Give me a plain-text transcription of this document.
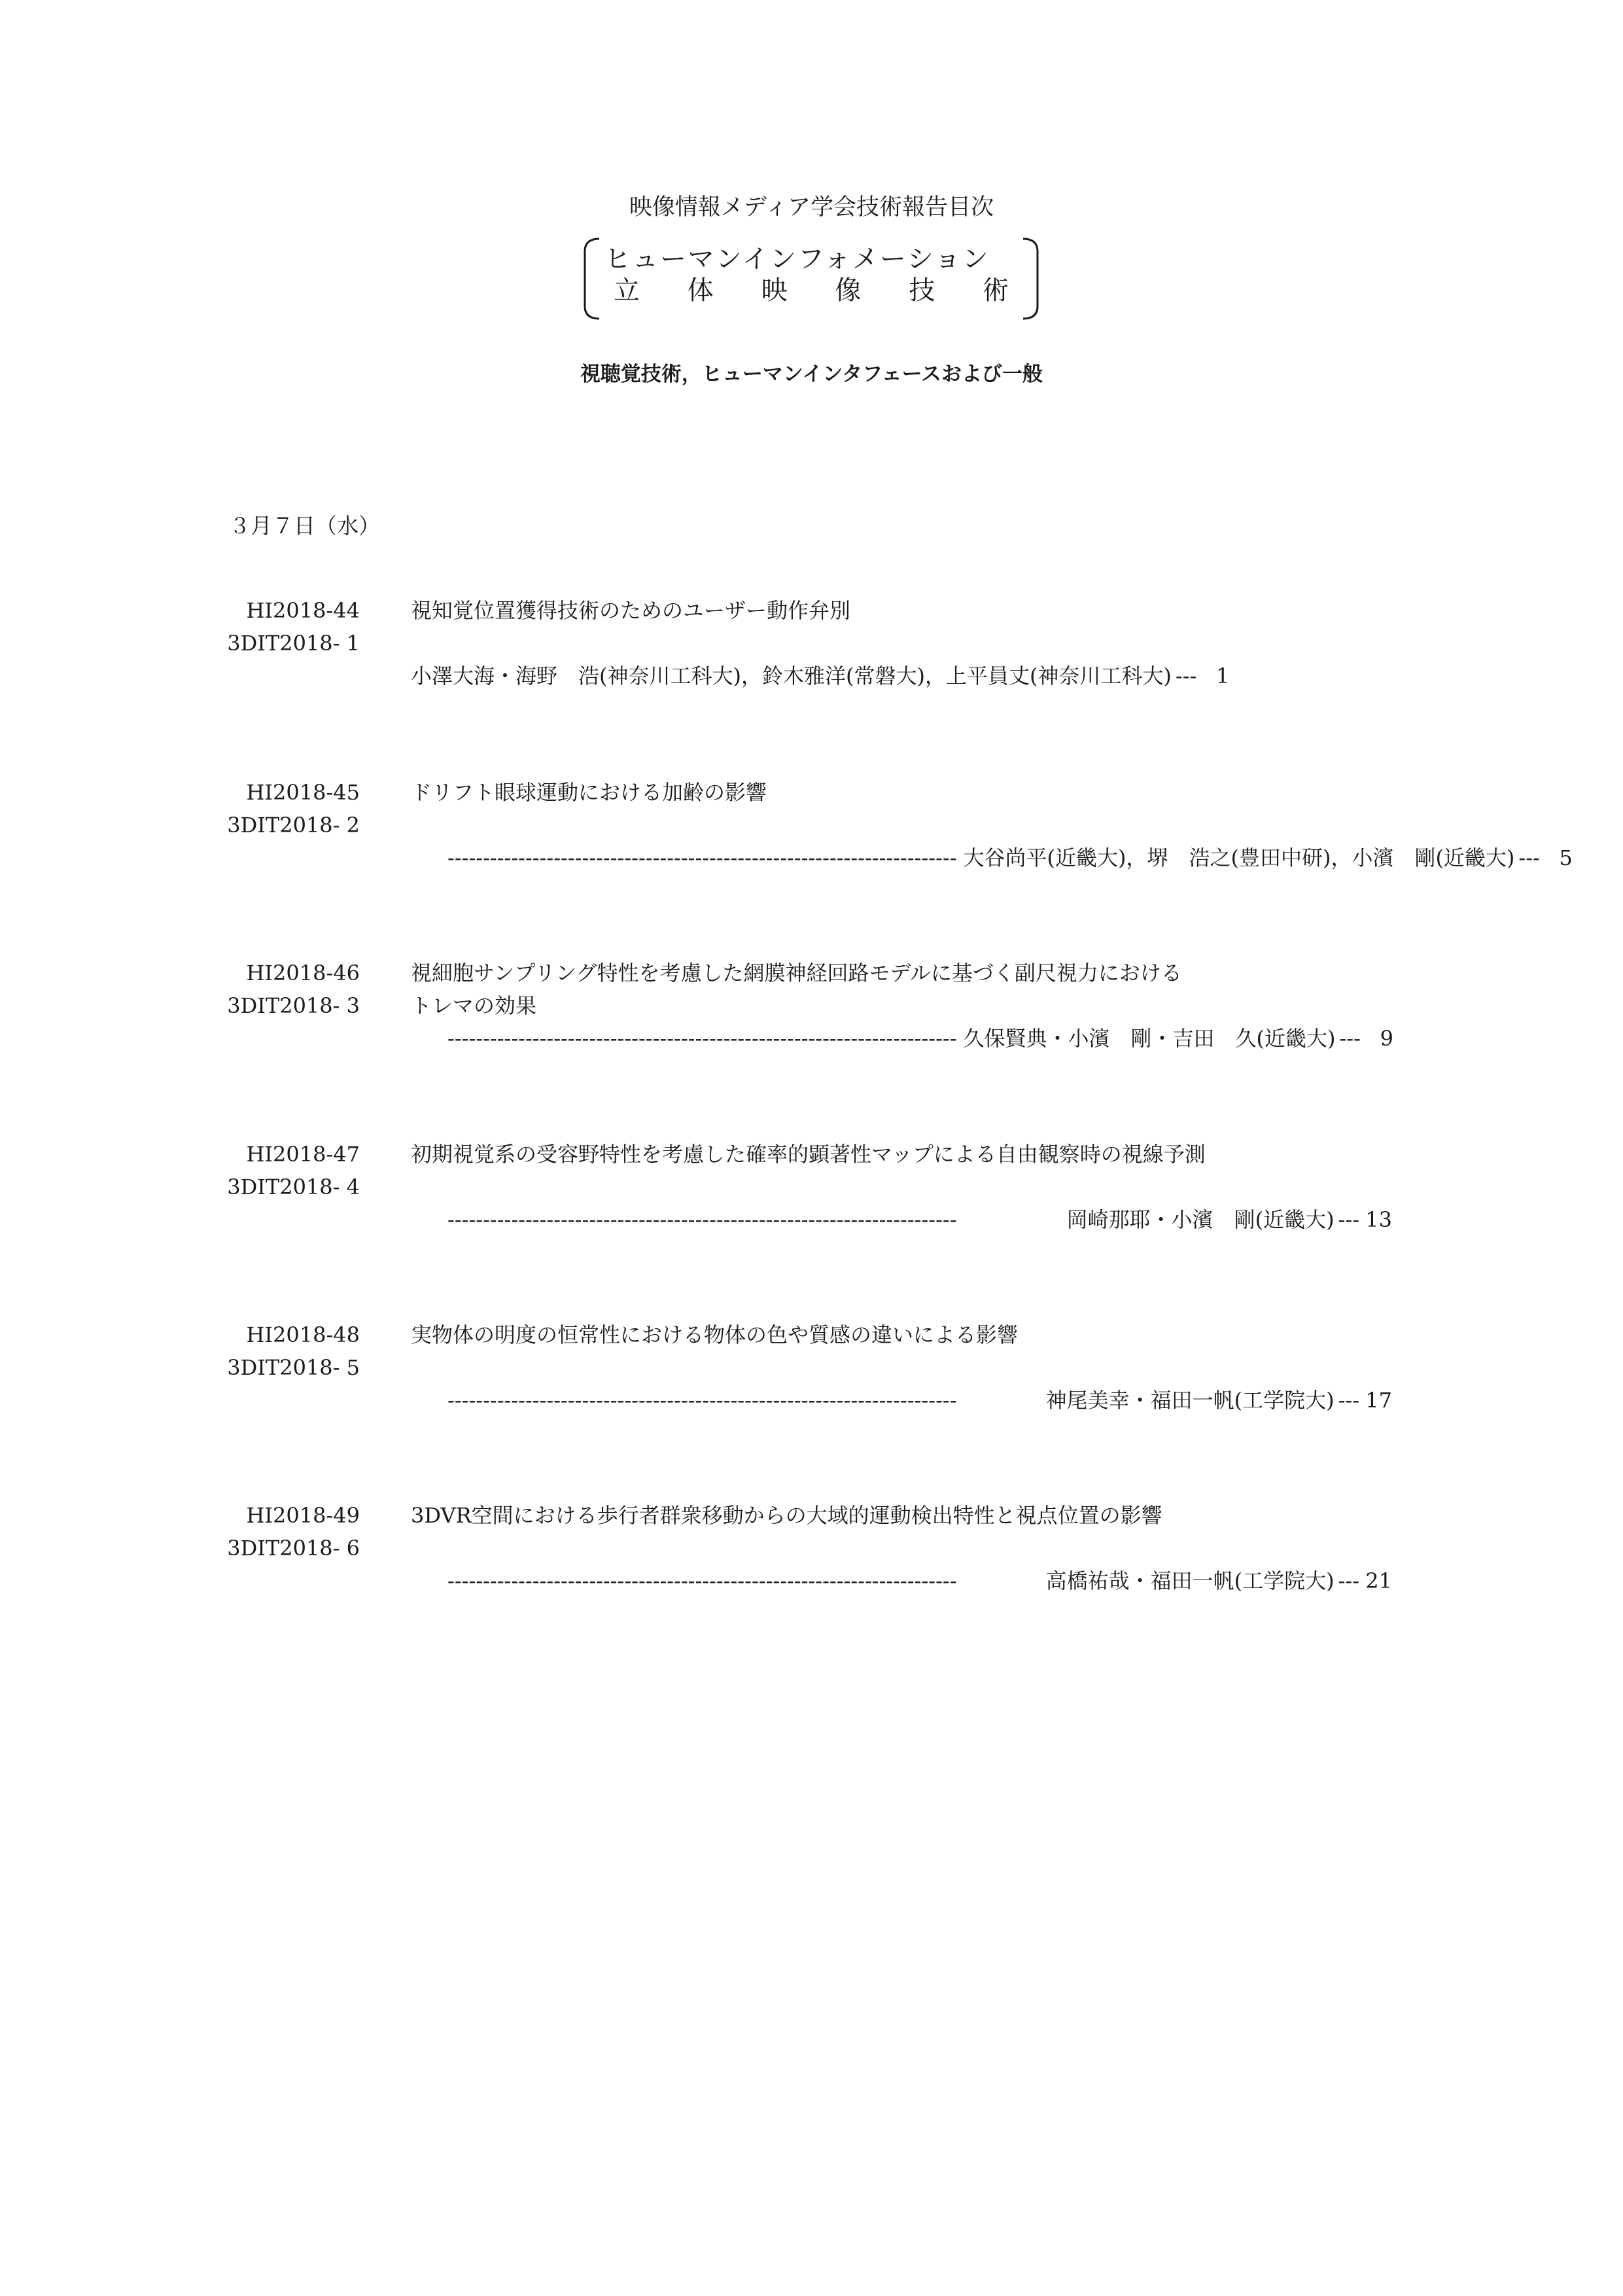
映像情報メディア学会技術報告目次
ヒューマンインフォメーション
立 体 映 像 技 術
視聴覚技術，ヒューマンインタフェースおよび一般
３月７日（水）
HI2018-44
3DIT2018- 1
視知覚位置獲得技術のためのユーザー動作弁別
小澤大海・海野　浩(神奈川工科大)，鈴木雅洋(常磐大)，上平員丈(神奈川工科大) --- 1
HI2018-45
3DIT2018- 2
ドリフト眼球運動における加齢の影響
------------------------------------------------------------------------ 大谷尚平(近畿大)，堺　浩之(豊田中研)，小濱　剛(近畿大) --- 5
HI2018-46
3DIT2018- 3
視細胞サンプリング特性を考慮した網膜神経回路モデルに基づく副尺視力における
トレマの効果
------------------------------------------------------------------------ 久保賢典・小濱　剛・吉田　久(近畿大) --- 9
HI2018-47
3DIT2018- 4
初期視覚系の受容野特性を考慮した確率的顕著性マップによる自由観察時の視線予測
------------------------------------------------------------------------	岡崎那耶・小濱　剛(近畿大) --- 13
HI2018-48
3DIT2018- 5
実物体の明度の恒常性における物体の色や質感の違いによる影響
------------------------------------------------------------------------	神尾美幸・福田一帆(工学院大) --- 17
HI2018-49
3DIT2018- 6
3DVR空間における歩行者群衆移動からの大域的運動検出特性と視点位置の影響
------------------------------------------------------------------------	高橋祐哉・福田一帆(工学院大) --- 21
